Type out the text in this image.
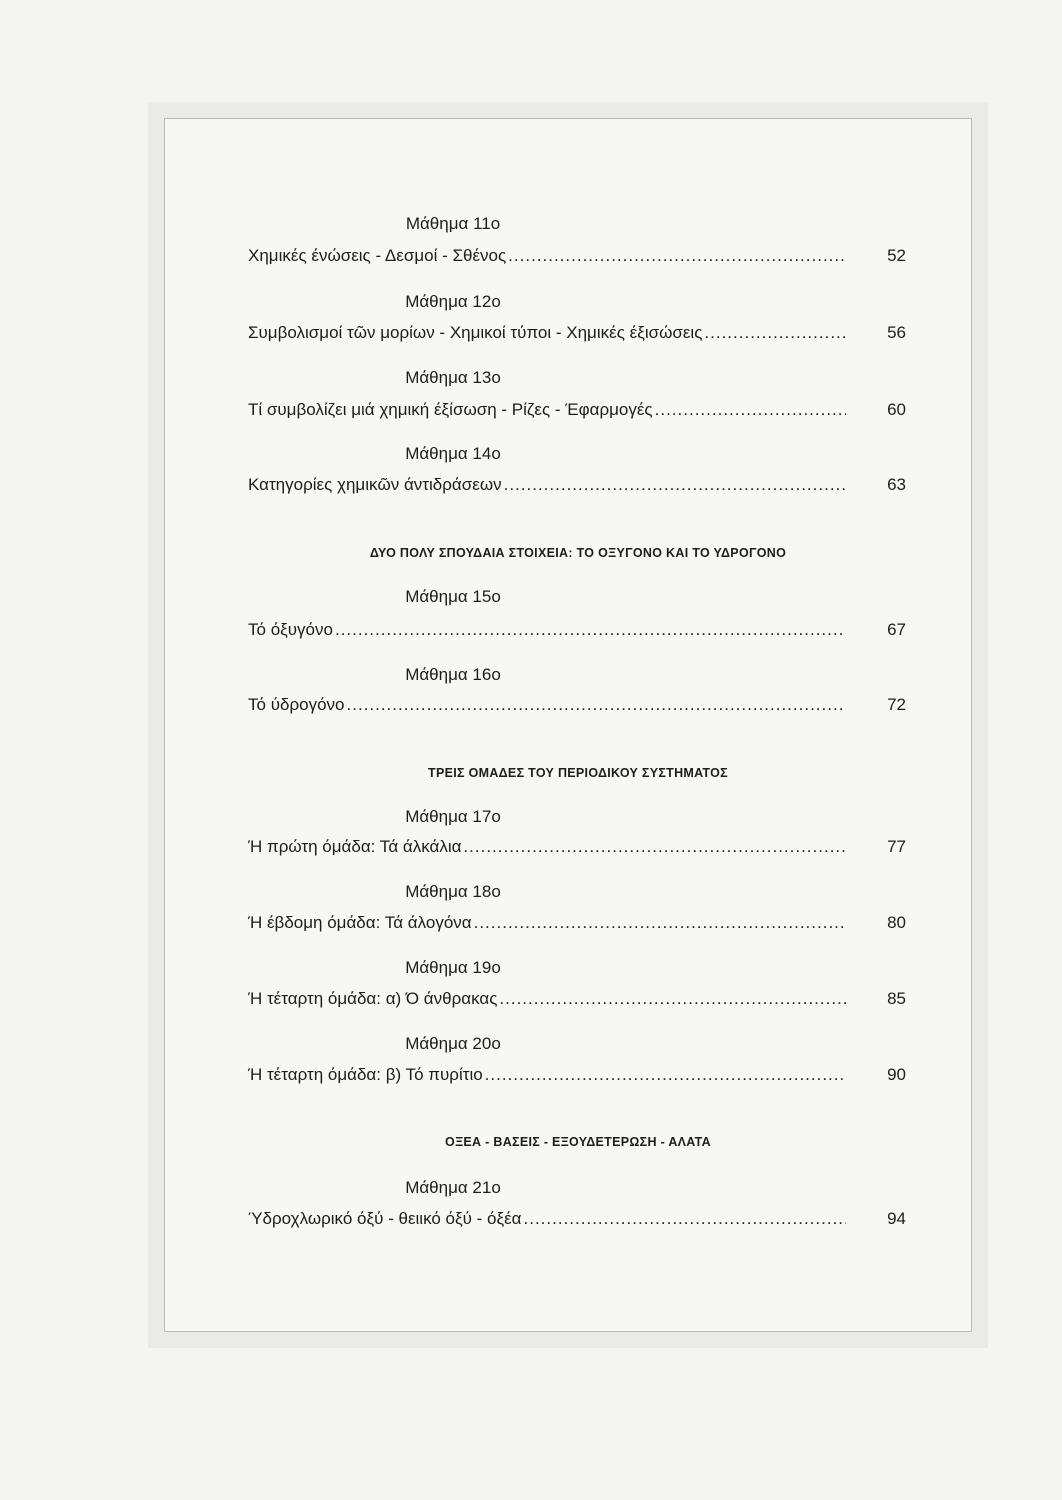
Μάθημα 11ο
Χημικές ένώσεις - Δεσμοί - Σθένος .....	52
Μάθημα 12ο
Συμβολισμοί τῶν μορίων - Χημικοί τύποι - Χημικές έξισώσεις .....	56
Μάθημα 13ο
Τί συμβολίζει μιά χημική έξίσωση - Ρίζες - Έφαρμογές .....	60
Μάθημα 14ο
Κατηγορίες χημικῶν άντιδράσεων .....	63
ΔΥΟ ΠΟΛΥ ΣΠΟΥΔΑΙΑ ΣΤΟΙΧΕΙΑ: ΤΟ ΟΞΥΓΟΝΟ ΚΑΙ ΤΟ ΥΔΡΟΓΟΝΟ
Μάθημα 15ο
Τό όξυγόνο .....	67
Μάθημα 16ο
Τό ύδρογόνο .....	72
ΤΡΕΙΣ ΟΜΑΔΕΣ ΤΟΥ ΠΕΡΙΟΔΙΚΟΥ ΣΥΣΤΗΜΑΤΟΣ
Μάθημα 17ο
Ή πρώτη όμάδα: Τά άλκάλια .....	77
Μάθημα 18ο
Ή έβδομη όμάδα: Τά άλογόνα .....	80
Μάθημα 19ο
Ή τέταρτη όμάδα: α) Ό άνθρακας .....	85
Μάθημα 20ο
Ή τέταρτη όμάδα: β) Τό πυρίτιο .....	90
ΟΞΕΑ - ΒΑΣΕΙΣ - ΕΞΟΥΔΕΤΕΡΩΣΗ - ΑΛΑΤΑ
Μάθημα 21ο
Ύδροχλωρικό όξύ - θειικό όξύ - όξέα .....	94
